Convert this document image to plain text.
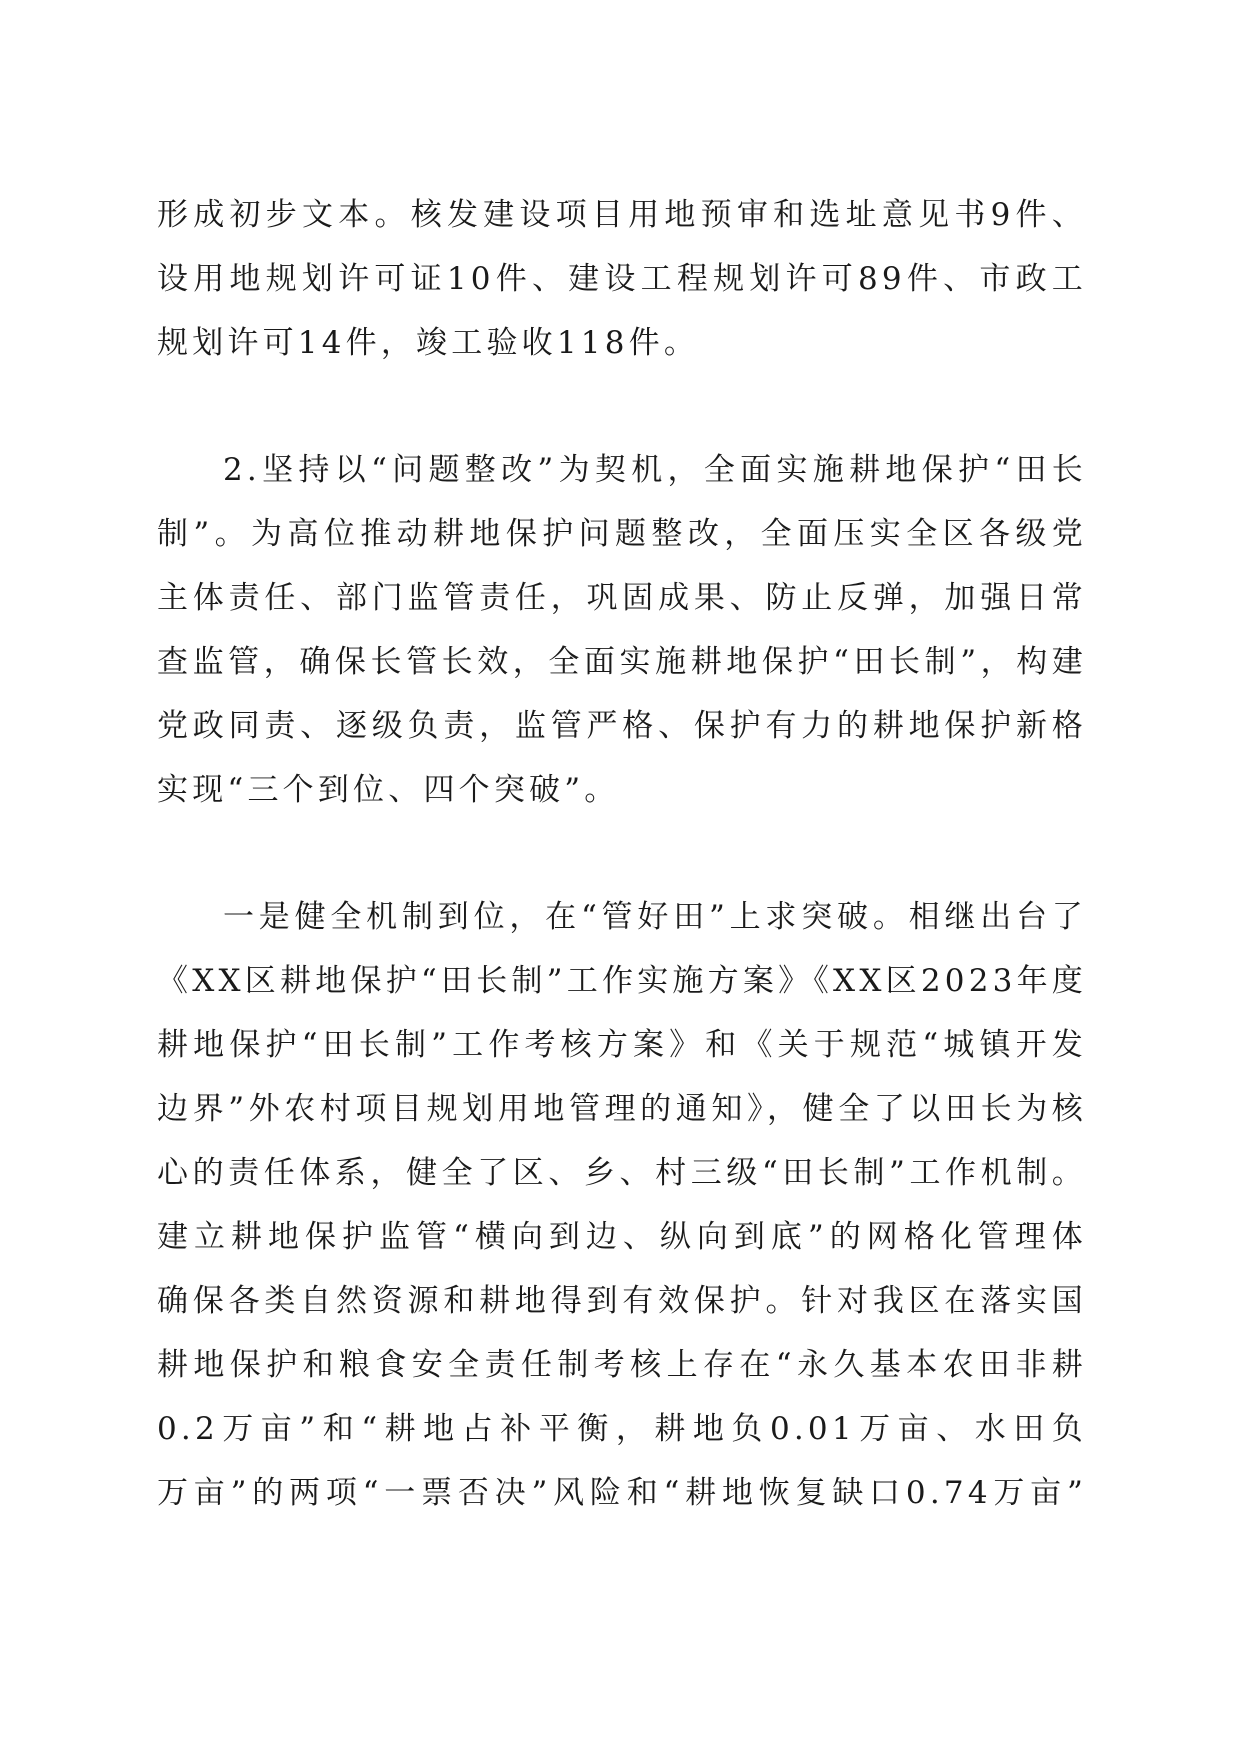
形成初步文本。核发建设项目用地预审和选址意见书9件、
设用地规划许可证10件、建设工程规划许可89件、市政工
规划许可14件，竣工验收118件。
2.坚持以“问题整改”为契机，全面实施耕地保护“田长
制”。为高位推动耕地保护问题整改，全面压实全区各级党
主体责任、部门监管责任，巩固成果、防止反弹，加强日常
查监管，确保长管长效，全面实施耕地保护“田长制”，构建
党政同责、逐级负责，监管严格、保护有力的耕地保护新格
实现“三个到位、四个突破”。
一是健全机制到位，在“管好田”上求突破。相继出台了
《XX区耕地保护“田长制”工作实施方案》《XX区2023年度
耕地保护“田长制”工作考核方案》和《关于规范“城镇开发
边界”外农村项目规划用地管理的通知》，健全了以田长为核
心的责任体系，健全了区、乡、村三级“田长制”工作机制。
建立耕地保护监管“横向到边、纵向到底”的网格化管理体
确保各类自然资源和耕地得到有效保护。针对我区在落实国
耕地保护和粮食安全责任制考核上存在“永久基本农田非耕
0.2万亩”和“耕地占补平衡，耕地负0.01万亩、水田负
万亩”的两项“一票否决”风险和“耕地恢复缺口0.74万亩”
